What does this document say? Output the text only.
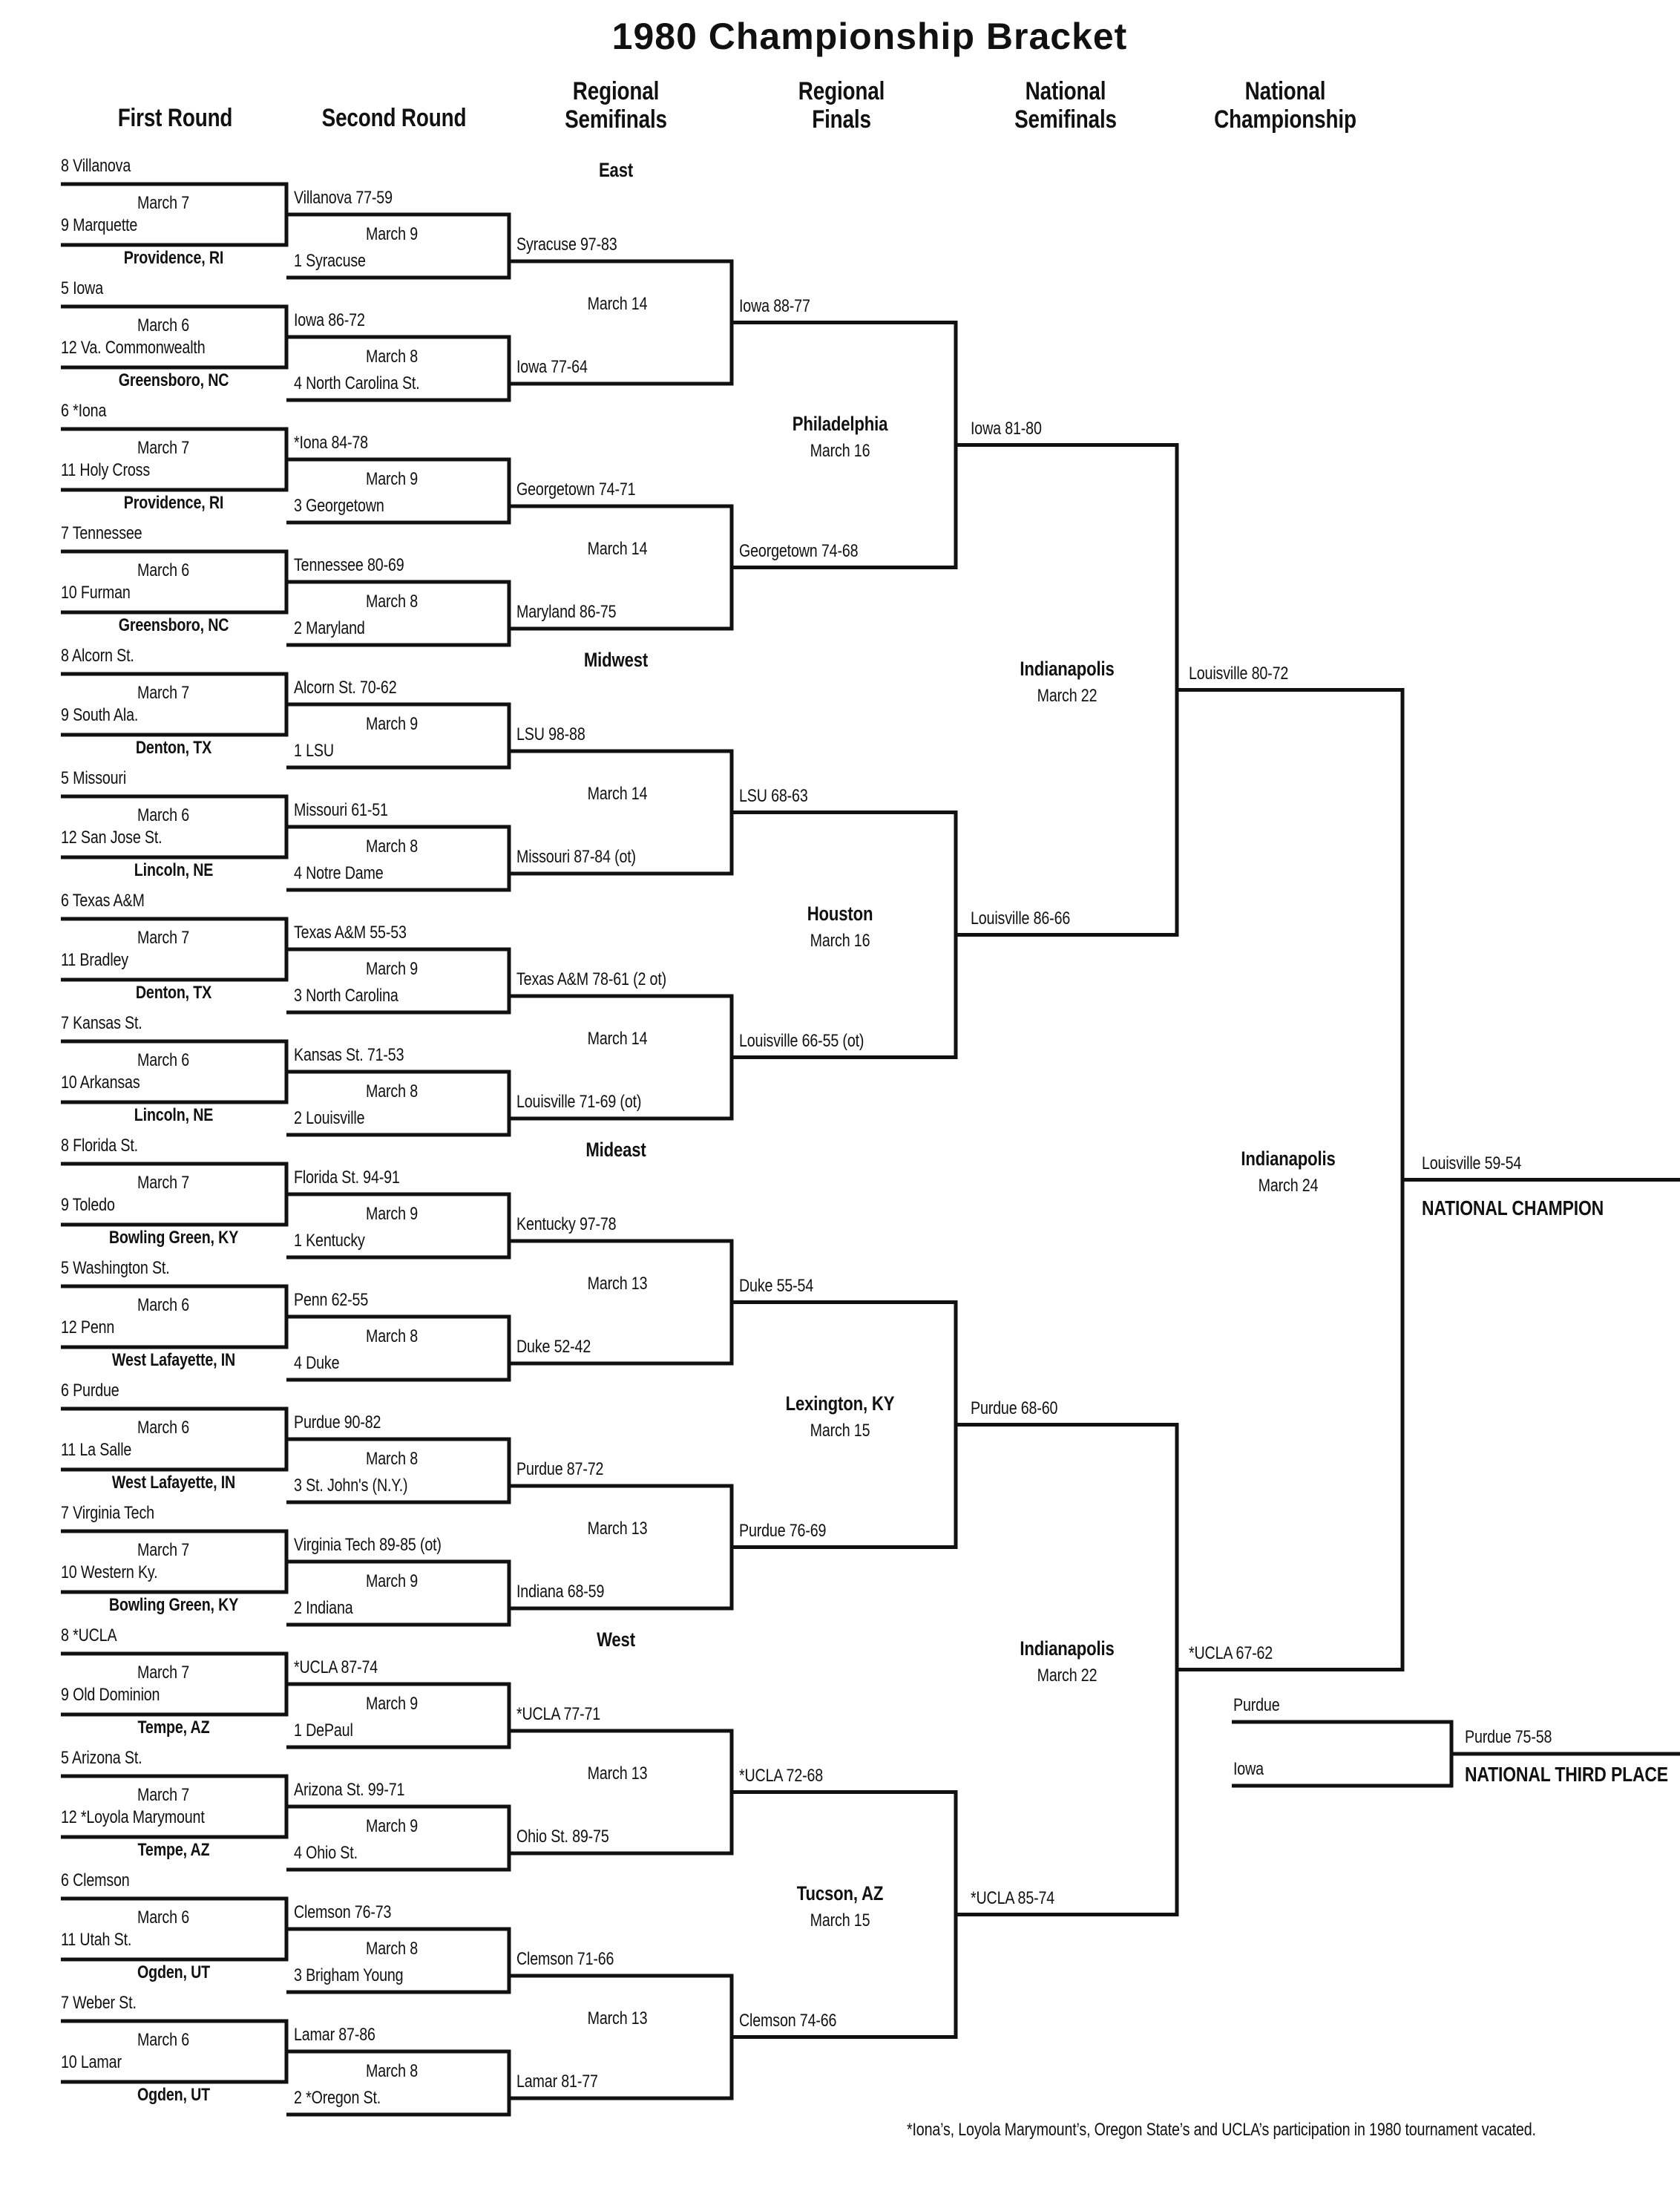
First Round	Second Round
Regional
Semifinals
Regional
Finals
National
Semifinals
National
Championship
East
8 Villanova
March 7
9 Marquette
Providence, RI
Villanova 77-59
March 9
1 Syracuse
Syracuse 97-83
5 Iowa
March 6
12 Va. Commonwealth
Greensboro, NC
Iowa 86-72
March 8
4 North Carolina St.
Iowa 77-64
6 *Iona
March 7
11 Holy Cross
Providence, RI
*Iona 84-78
March 9
3 Georgetown
Georgetown 74-71
7 Tennessee
March 6
10 Furman
Greensboro, NC
Tennessee 80-69
March 8
2 Maryland
Maryland 86-75
March 14	Iowa 88-77
March 14	Georgetown 74-68
Philadelphia
March 16
Iowa 81-80
Midwest
8 Alcorn St.
March 7
9 South Ala.
Denton, TX
Alcorn St. 70-62
March 9
1 LSU
LSU 98-88
5 Missouri
March 6
12 San Jose St.
Lincoln, NE
Missouri 61-51
March 8
4 Notre Dame
Missouri 87-84 (ot)
6 Texas A&M
March 7
11 Bradley
Denton, TX
Texas A&M 55-53
March 9
3 North Carolina
Texas A&M 78-61 (2 ot)
7 Kansas St.
March 6
10 Arkansas
Lincoln, NE
Kansas St. 71-53
March 8
2 Louisville
Louisville 71-69 (ot)
March 14	LSU 68-63
March 14	Louisville 66-55 (ot)
Houston
March 16
Louisville 86-66
Mideast
8 Florida St.
March 7
9 Toledo
Bowling Green, KY
Florida St. 94-91
March 9
1 Kentucky
Kentucky 97-78
5 Washington St.
March 6
12 Penn
West Lafayette, IN
Penn 62-55
March 8
4 Duke
Duke 52-42
6 Purdue
March 6
11 La Salle
West Lafayette, IN
Purdue 90-82
March 8
3 St. John's (N.Y.)
Purdue 87-72
7 Virginia Tech
March 7
10 Western Ky.
Bowling Green, KY
Virginia Tech 89-85 (ot)
March 9
2 Indiana
Indiana 68-59
March 13	Duke 55-54
March 13	Purdue 76-69
Lexington, KY
March 15
Purdue 68-60
West
8 *UCLA
March 7
9 Old Dominion
Tempe, AZ
*UCLA 87-74
March 9
1 DePaul
*UCLA 77-71
5 Arizona St.
March 7
12 *Loyola Marymount
Tempe, AZ
Arizona St. 99-71
March 9
4 Ohio St.
Ohio St. 89-75
6 Clemson
March 6
11 Utah St.
Ogden, UT
Clemson 76-73
March 8
3 Brigham Young
Clemson 71-66
7 Weber St.
March 6
10 Lamar
Ogden, UT
Lamar 87-86
March 8
2 *Oregon St.
Lamar 81-77
March 13	*UCLA 72-68
March 13	Clemson 74-66
Tucson, AZ
March 15
*UCLA 85-74
Indianapolis
March 22
Louisville 80-72
Indianapolis
March 22
*UCLA 67-62
Indianapolis
March 24
Louisville 59-54
NATIONAL CHAMPION
Purdue
Iowa
Purdue 75-58
NATIONAL THIRD PLACE
1980 Championship Bracket
*Iona’s, Loyola Marymount’s, Oregon State’s and UCLA’s participation in 1980 tournament vacated.
